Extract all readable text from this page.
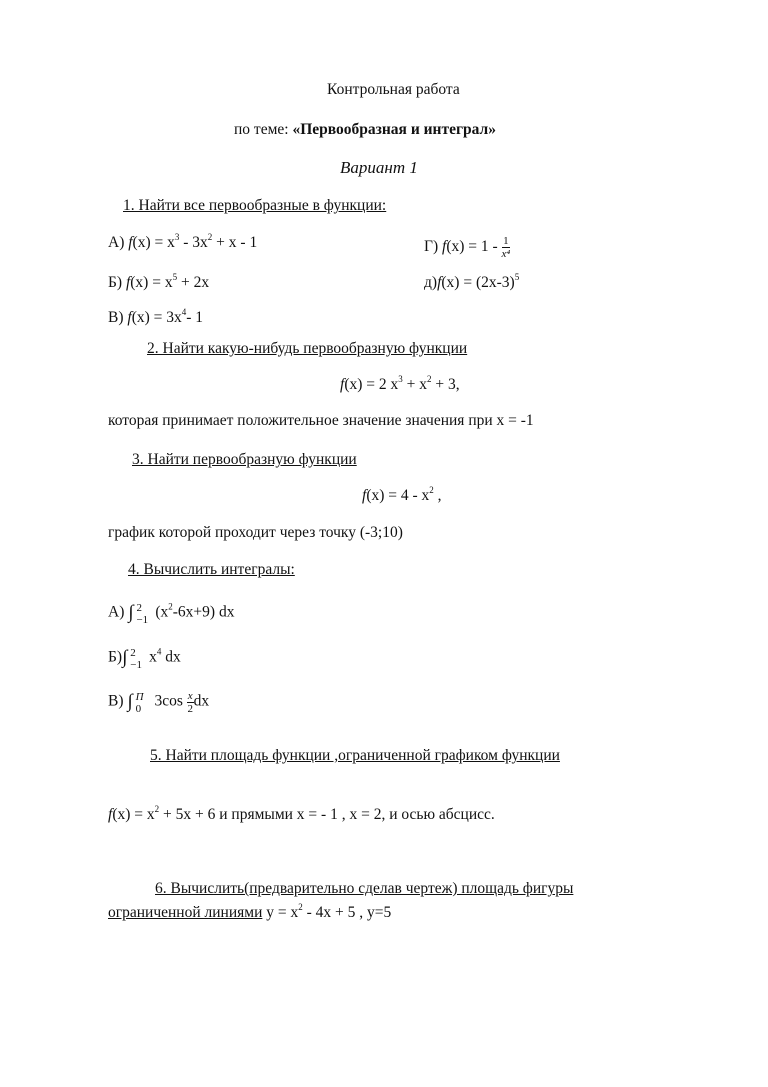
Контрольная работа
по теме: «Первообразная и интеграл»
Вариант 1
1. Найти все первообразные в функции:
А) $f(x) = x^3 - 3x^2 + x - 1$	Г) $f(x) = 1 - \frac{1}{\text{x⁴}}$
Б) $f(x) = x^5 + 2x$	$д)f(x) = (2x-3)^5$
В) $f(x) = 3x^4-$ 1
2. Найти какую-нибудь первообразную функции
f(x) = 2 $x^3 + x^2 + 3$,
которая принимает положительное значение значения при x = -1
3. Найти первообразную функции
$f(x) = 4 - x^2$ ,
график которой проходит через точку (-3;10)
4. Вычислить интегралы:
А) ∫ 2
−1 $(x^2-6x+9)$ dx
Б)∫ 2
−1 $x^4$ dx
В) ∫ П
0 $3\cos \frac{x}{2}$ dx
5. Найти площадь функции ,ограниченной графиком функции
$f(x) = x^2 + 5x + 6$ и прямыми x = - 1 , x = 2, и осью абсцисс.
6. Вычислить(предварительно сделав чертеж) площадь фигуры
ограниченной линиями $y = x^2 - 4x + 5$ , y=5
